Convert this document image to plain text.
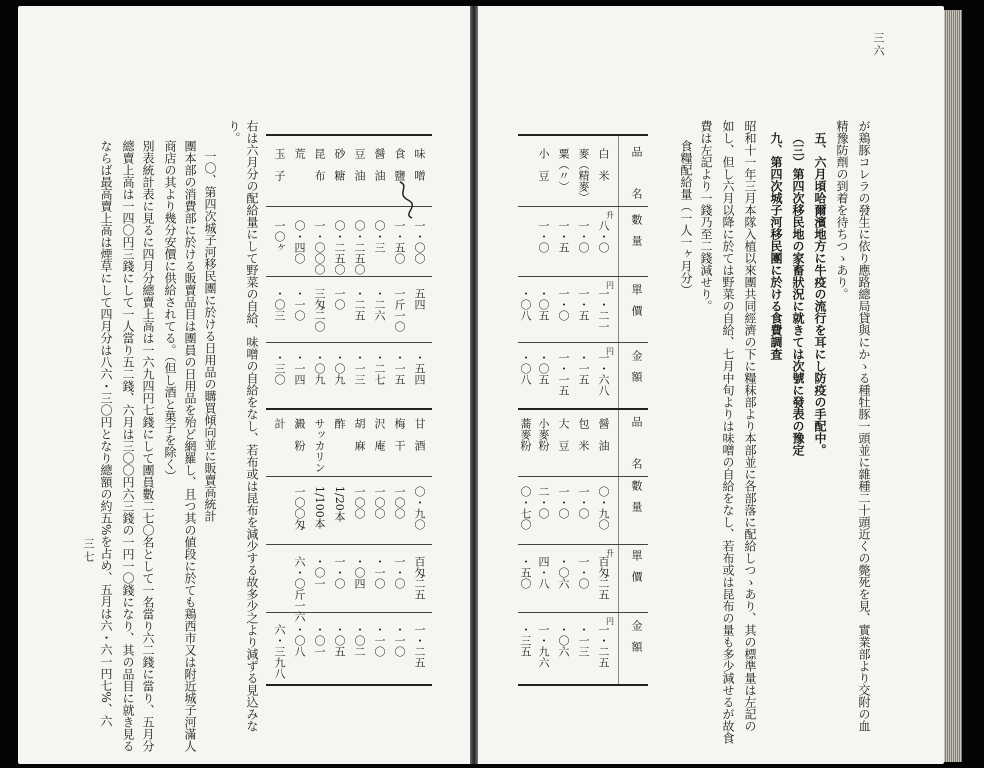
三六
品　名
數量
單價
金額
品　名
數量
單價
金額
升
円
円
升
円
白　米
八・〇
一・二一
一・六八
麥（精麥）
一・〇
一・五
・一五
粟（〃）
一・五
一・〇
一・一五
小　豆
一・〇
・〇五
・〇五
・〇八
・〇八
醤　油
〇・九〇
百匁二五
一・二五
包　米
一・〇
一・〇
・一三
大　豆
一・〇
・〇六
・〇六
小麥粉
二・〇
四・八
一・九六
蕎麥粉
〇・七〇
・五〇
・三五
三七
味　噌
一・〇〇
五四
・五四
食　鹽
一・五〇
一斤一〇
・一五
醤　油
〇・三
・二六
・二七
豆　油
〇・二五〇
・二五
・一三
砂　糖
〇・二五〇
一〇
・〇九
昆　布
一・〇〇〇
三匁二〇
・〇九
荒
〇・四〇
・一〇
・一四
玉　子
一〇ヶ
・〇三
・三〇
甘　酒
〇・九〇
百匁二五
一・二五
梅　干
一〇〇
一・〇
・一〇
沢　庵
一〇〇
・一〇
・一〇
胡　麻
一〇〇
・〇四
・〇二
酢
1/20本
一・〇
・〇五
サッカリン
1/100本
・〇一
・〇一
澱　粉
一〇〇匁
六・〇斤一六
・〇八
計
六・三九八	が鶏豚コレラの發生に依り應路總局貸與にかゝる種牡豚一頭並に雜種二十頭近くの斃死を見、實業部より交附の血
精豫防劑の到着を待ちつゝあり。
五、六月頃哈爾濱地方に牛疫の流行を耳にし防疫の手配中。
（三）第四次移民地の家畜狀況に就きては次號に發表の豫定
九、第四次城子河移民團に於ける食費調査
昭和十一年三月本隊入植以來團共同經濟の下に糧秣部より本部並に各部落に配給しつゝあり、其の標準量は左記の
如し、但し六月以降に於ては野菜の自給、七月中旬よりは味噌の自給をなし、若布或は昆布の量も多少減せるが故食
費は左記より一錢乃至二錢減せり。
食糧配給量（一人一ヶ月分）
右は六月分の配給量にして野菜の自給、味噌の自給をなし、若布或は昆布を減少する故多少之より減ずる見込みな
り。
一〇、第四次城子河移民團に於ける日用品の購買傾向並に販賣高統計
團本部の消費部に於ける販賣品目は團員の日用品を殆ど網羅し、且つ其の値段に於ても鶏西市又は附近城子河滿人
商店の其より幾分安價に供給されてる。（但し酒と菓子を除く）
別表統計表に見るに四月分總賣上高は一六九四円七錢にして團員數二七〇名として一名當り六二錢に當り、五月分
總賣上高は一四〇円三錢にして一人當り五二錢、六月は三〇〇円六三錢の一円一〇錢になり、其の品目に就き見る
ならば最高賣上高は煙草にして四月分は八六・三〇円となり總額の約五%を占め、五月は六・六一円七%、六
